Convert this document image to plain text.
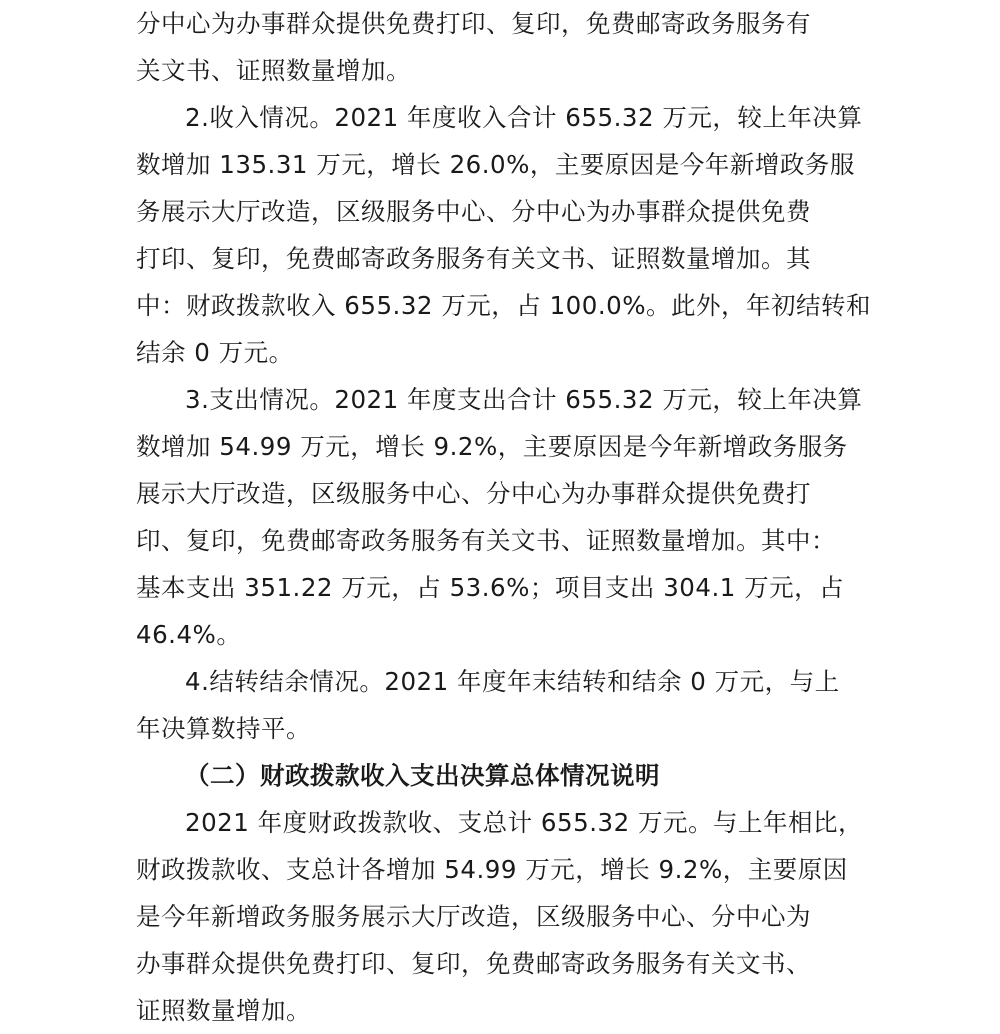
分中心为办事群众提供免费打印、复印，免费邮寄政务服务有
关文书、证照数量增加。
2.收入情况。2021 年度收入合计 655.32 万元，较上年决算
数增加 135.31 万元，增长 26.0%，主要原因是今年新增政务服
务展示大厅改造，区级服务中心、分中心为办事群众提供免费
打印、复印，免费邮寄政务服务有关文书、证照数量增加。其
中：财政拨款收入 655.32 万元，占 100.0%。此外，年初结转和
结余 0 万元。
3.支出情况。2021 年度支出合计 655.32 万元，较上年决算
数增加 54.99 万元，增长 9.2%，主要原因是今年新增政务服务
展示大厅改造，区级服务中心、分中心为办事群众提供免费打
印、复印，免费邮寄政务服务有关文书、证照数量增加。其中：
基本支出 351.22 万元，占 53.6%；项目支出 304.1 万元，占
46.4%。
4.结转结余情况。2021 年度年末结转和结余 0 万元，与上
年决算数持平。
（二）财政拨款收入支出决算总体情况说明
2021 年度财政拨款收、支总计 655.32 万元。与上年相比，
财政拨款收、支总计各增加 54.99 万元，增长 9.2%，主要原因
是今年新增政务服务展示大厅改造，区级服务中心、分中心为
办事群众提供免费打印、复印，免费邮寄政务服务有关文书、
证照数量增加。
